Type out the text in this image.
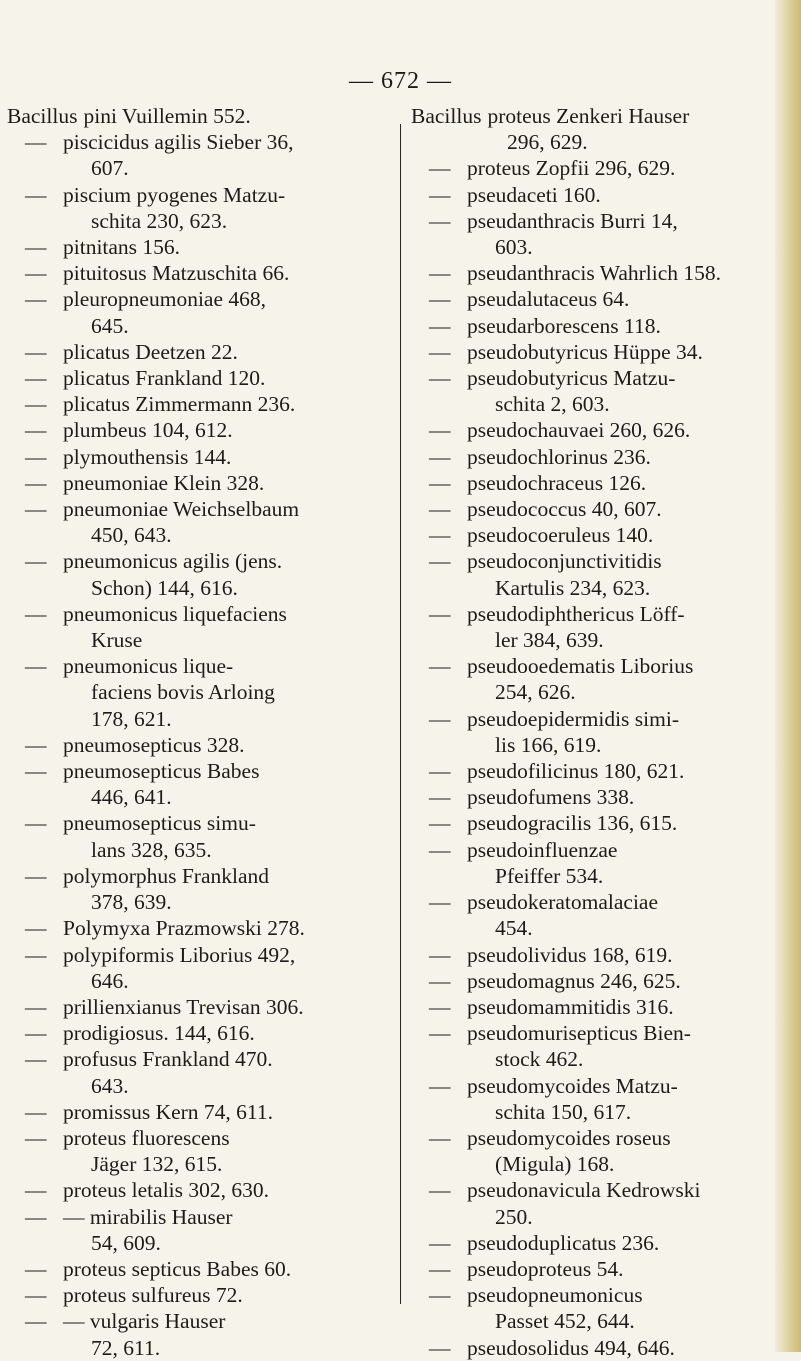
— 672 —
Bacillus pini Vuillemin 552.
— piscicidus agilis Sieber 36,
607.
— piscium pyogenes Matzu-
schita 230, 623.
— pitnitans 156.
— pituitosus Matzuschita 66.
— pleuropneumoniae 468,
645.
— plicatus Deetzen 22.
— plicatus Frankland 120.
— plicatus Zimmermann 236.
— plumbeus 104, 612.
— plymouthensis 144.
— pneumoniae Klein 328.
— pneumoniae Weichselbaum
450, 643.
— pneumonicus agilis (jens.
Schon) 144, 616.
— pneumonicus liquefaciens
Kruse
— pneumonicus lique-
faciens bovis Arloing
178, 621.
— pneumosepticus 328.
— pneumosepticus Babes
446, 641.
— pneumosepticus simu-
lans 328, 635.
— polymorphus Frankland
378, 639.
— Polymyxa Prazmowski 278.
— polypiformis Liborius 492,
646.
— prillienxianus Trevisan 306.
— prodigiosus. 144, 616.
— profusus Frankland 470.
643.
— promissus Kern 74, 611.
— proteus fluorescens
Jäger 132, 615.
— proteus letalis 302, 630.
— — mirabilis Hauser
54, 609.
— proteus septicus Babes 60.
— proteus sulfureus 72.
— — vulgaris Hauser
72, 611.
Bacillus proteus Zenkeri Hauser
296, 629.
— proteus Zopfii 296, 629.
— pseudaceti 160.
— pseudanthracis Burri 14,
603.
— pseudanthracis Wahrlich 158.
— pseudalutaceus 64.
— pseudarborescens 118.
— pseudobutyricus Hüppe 34.
— pseudobutyricus Matzu-
schita 2, 603.
— pseudochauvaei 260, 626.
— pseudochlorinus 236.
— pseudochraceus 126.
— pseudococcus 40, 607.
— pseudocoeruleus 140.
— pseudoconjunctivitidis
Kartulis 234, 623.
— pseudodiphthericus Löff-
ler 384, 639.
— pseudooedematis Liborius
254, 626.
— pseudoepidermidis simi-
lis 166, 619.
— pseudofilicinus 180, 621.
— pseudofumens 338.
— pseudogracilis 136, 615.
— pseudoinfluenzae
Pfeiffer 534.
— pseudokeratomalaciae
454.
— pseudolividus 168, 619.
— pseudomagnus 246, 625.
— pseudomammitidis 316.
— pseudomurisepticus Bien-
stock 462.
— pseudomycoides Matzu-
schita 150, 617.
— pseudomycoides roseus
(Migula) 168.
— pseudonavicula Kedrowski
250.
— pseudoduplicatus 236.
— pseudoproteus 54.
— pseudopneumonicus
Passet 452, 644.
— pseudosolidus 494, 646.
